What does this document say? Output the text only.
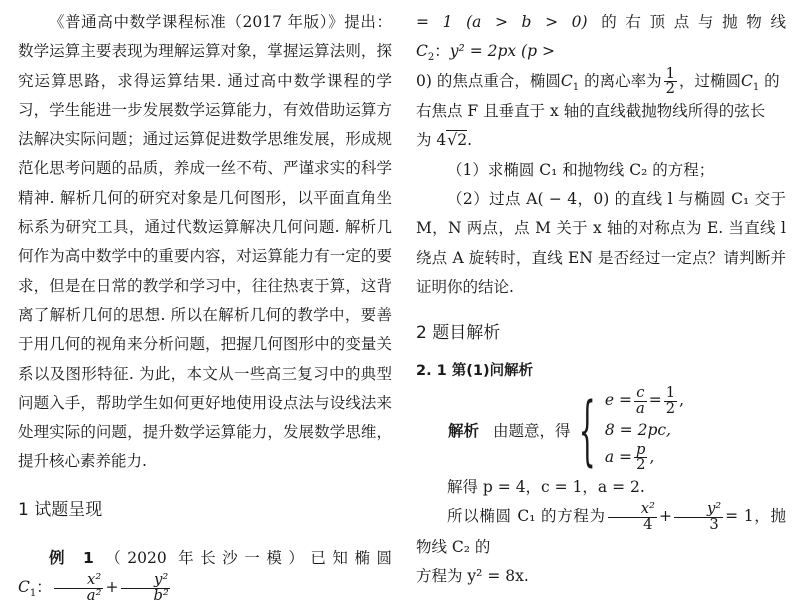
《普通高中数学课程标准（2017 年版）》提出：数学运算主要表现为理解运算对象，掌握运算法则，探究运算思路，求得运算结果. 通过高中数学课程的学习，学生能进一步发展数学运算能力，有效借助运算方法解决实际问题；通过运算促进数学思维发展，形成规范化思考问题的品质，养成一丝不苟、严谨求实的科学精神. 解析几何的研究对象是几何图形，以平面直角坐标系为研究工具，通过代数运算解决几何问题. 解析几何作为高中数学中的重要内容，对运算能力有一定的要求，但是在日常的教学和学习中，往往热衷于算，这背离了解析几何的思想. 所以在解析几何的教学中，要善于用几何的视角来分析问题，把握几何图形中的变量关系以及图形特征. 为此，本文从一些高三复习中的典型问题入手，帮助学生如何更好地使用设点法与设线法来处理实际的问题，提升数学运算能力，发展数学思维，提升核心素养能力.

1 试题呈现

例 1 （2020 年长沙一模）已知椭圆 $C_1$： $\frac{\text{x²}}{\text{a²}} + \frac{\text{y²}}{\text{b²}}$

= 1 (a > b > 0) 的右顶点与抛物线 $C_2$：y² = 2px (p >

0) 的焦点重合，椭圆$C_1$ 的离心率为 $\frac{1}{2}$ ，过椭圆$C_1$ 的

右焦点 F 且垂直于 x 轴的直线截抛物线所得的弦长

为 4√2.

（1）求椭圆 C₁ 和抛物线 C₂ 的方程；

（2）过点 A( − 4，0) 的直线 l 与椭圆 C₁ 交于 M，N 两点，点 M 关于 x 轴的对称点为 E. 当直线 l 绕点 A 旋转时，直线 EN 是否经过一定点？请判断并证明你的结论.

2 题目解析

2. 1 第(1)问解析

解析 由题意，得 { $e = \frac{c}{a} = \frac{1}{2}$ ,
8 = 2pc,
$a = \frac{p}{2}$ ,

解得 p = 4，c = 1，a = 2.

所以椭圆 C₁ 的方程为 $\frac{\text{x²}}{4} + \frac{\text{y²}}{3} = 1$，抛物线 C₂ 的

方程为 y² = 8x.
